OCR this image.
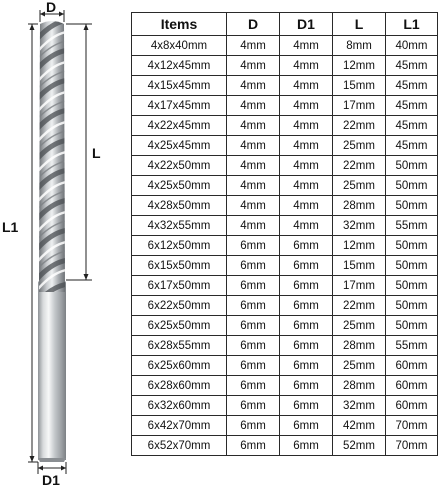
D
L
L1
D1
Items	D	D1	L	L1
4x8x40mm	4mm	4mm	8mm	40mm
4x12x45mm	4mm	4mm	12mm	45mm
4x15x45mm	4mm	4mm	15mm	45mm
4x17x45mm	4mm	4mm	17mm	45mm
4x22x45mm	4mm	4mm	22mm	45mm
4x25x45mm	4mm	4mm	25mm	45mm
4x22x50mm	4mm	4mm	22mm	50mm
4x25x50mm	4mm	4mm	25mm	50mm
4x28x50mm	4mm	4mm	28mm	50mm
4x32x55mm	4mm	4mm	32mm	55mm
6x12x50mm	6mm	6mm	12mm	50mm
6x15x50mm	6mm	6mm	15mm	50mm
6x17x50mm	6mm	6mm	17mm	50mm
6x22x50mm	6mm	6mm	22mm	50mm
6x25x50mm	6mm	6mm	25mm	50mm
6x28x55mm	6mm	6mm	28mm	55mm
6x25x60mm	6mm	6mm	25mm	60mm
6x28x60mm	6mm	6mm	28mm	60mm
6x32x60mm	6mm	6mm	32mm	60mm
6x42x70mm	6mm	6mm	42mm	70mm
6x52x70mm	6mm	6mm	52mm	70mm
